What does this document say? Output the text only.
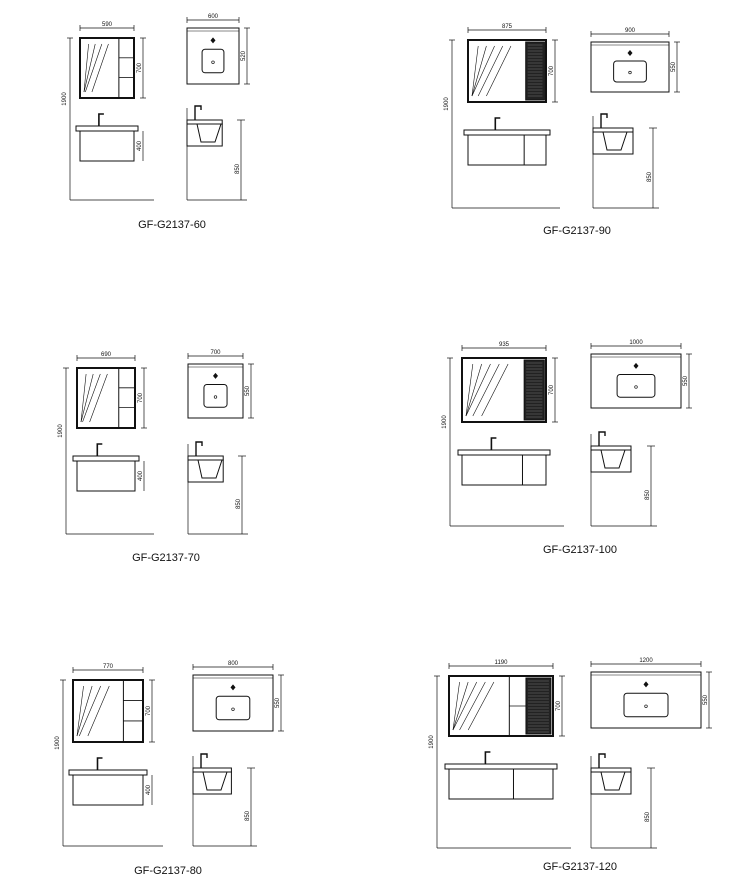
590
700
400
1900
600
520
850
GF-G2137-60
875
700
1900
900
550
850
GF-G2137-90
690
700
400
1900
700
550
850
GF-G2137-70
935
700
1900
1000
550
850
GF-G2137-100
770
700
400
1900
800
550
850
GF-G2137-80
1190
700
1900
1200
550
850
GF-G2137-120
